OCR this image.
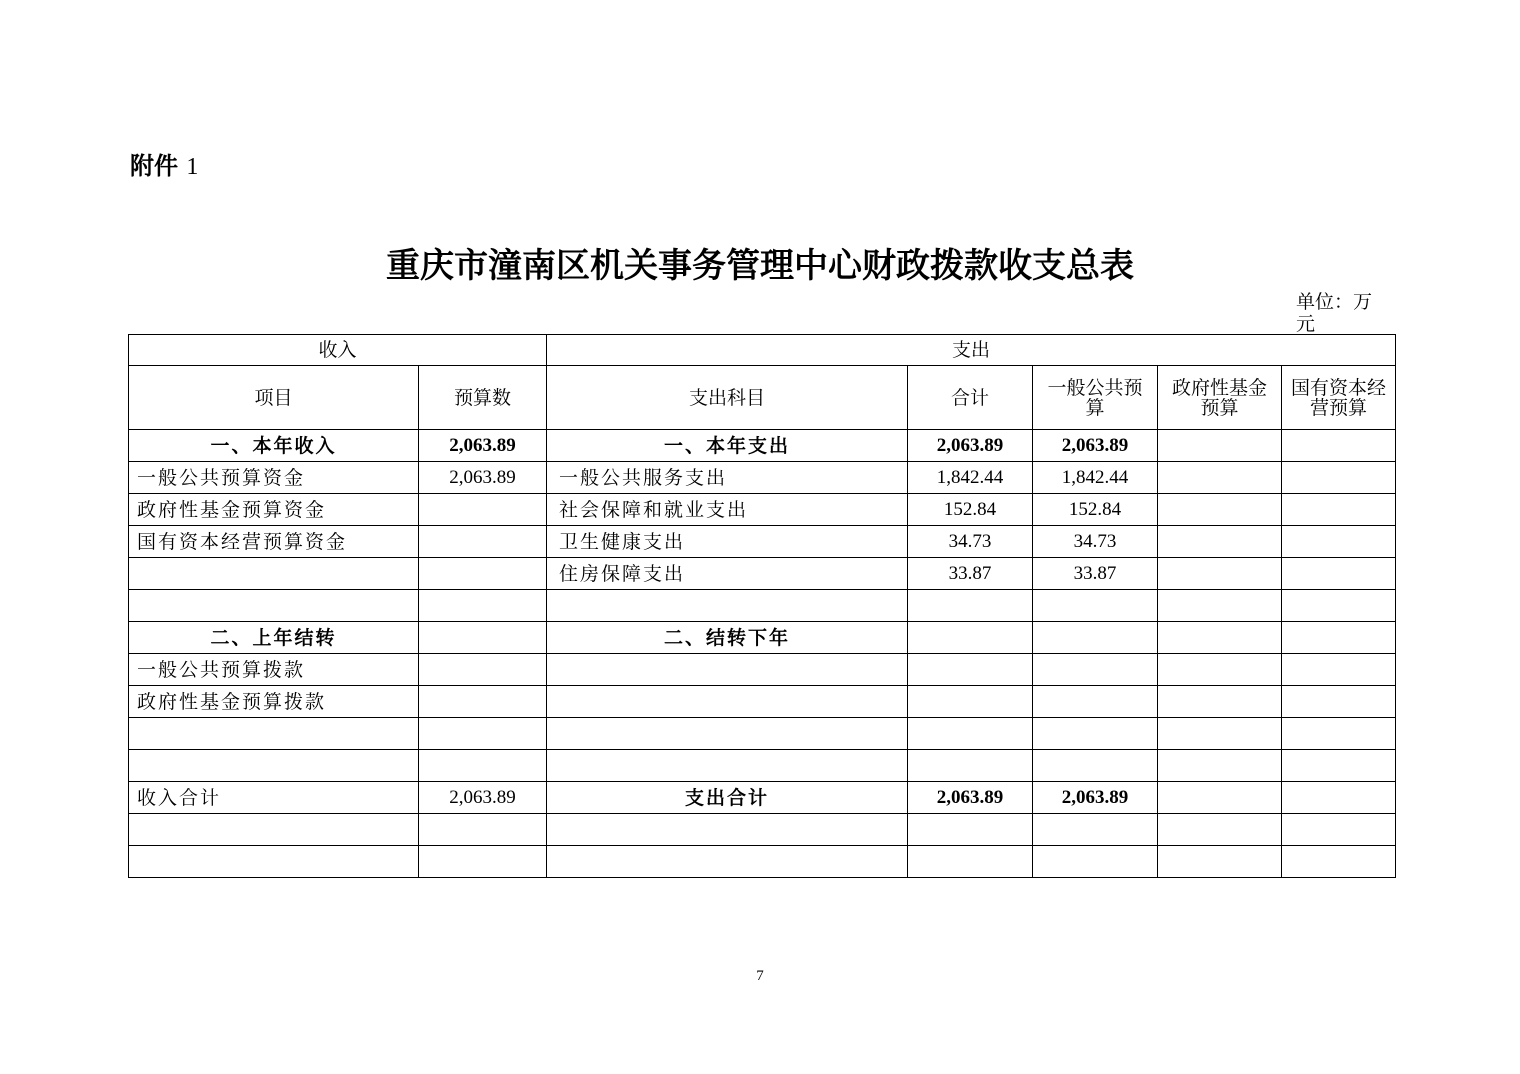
附件 1
重庆市潼南区机关事务管理中心财政拨款收支总表
单位：万元
收入		支出				
项目	预算数	支出科目	合计	一般公共预算	政府性基金预算	国有资本经营预算
一、本年收入	2,063.89	一、本年支出	2,063.89	2,063.89		
一般公共预算资金	2,063.89	一般公共服务支出	1,842.44	1,842.44		
政府性基金预算资金		社会保障和就业支出	152.84	152.84		
国有资本经营预算资金		卫生健康支出	34.73	34.73		
		住房保障支出	33.87	33.87		

二、上年结转		二、结转下年				
一般公共预算拨款						
政府性基金预算拨款						

收入合计	2,063.89	支出合计	2,063.89	2,063.89		

7
